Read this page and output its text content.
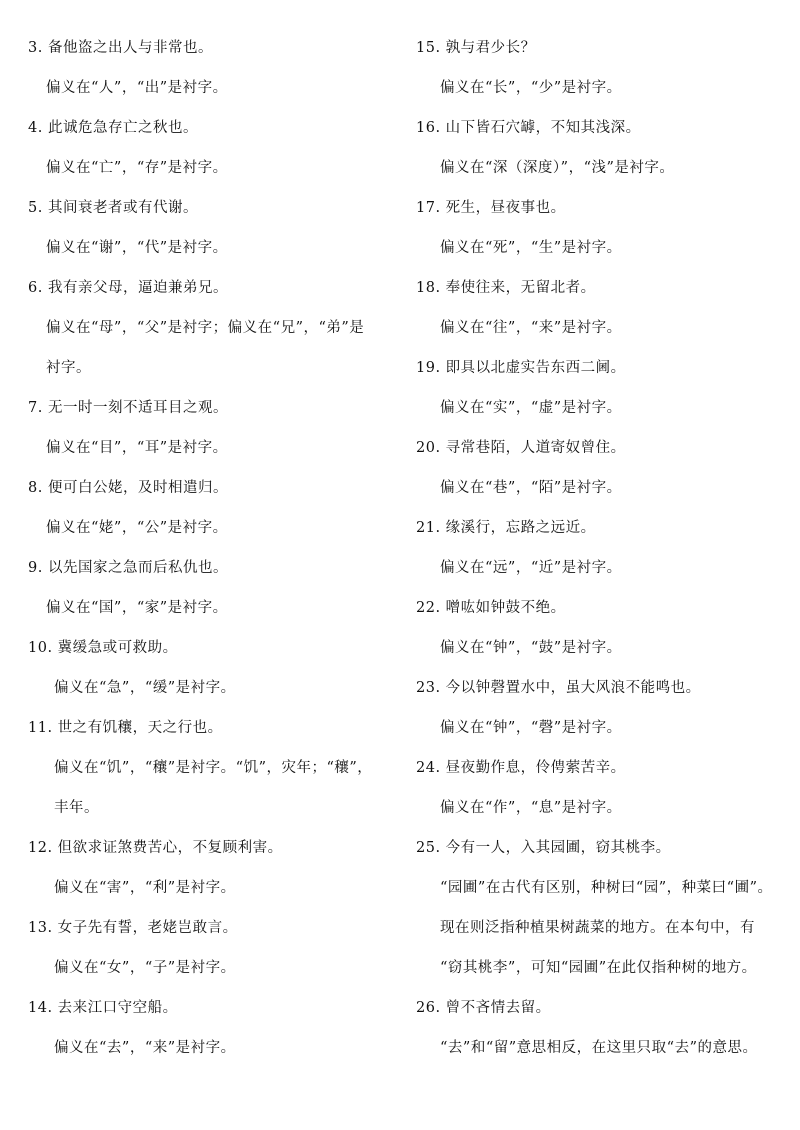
3. 备他盗之出人与非常也。
偏义在“人”，“出”是衬字。
4. 此诚危急存亡之秋也。
偏义在“亡”，“存”是衬字。
5. 其间衰老者或有代谢。
偏义在“谢”，“代”是衬字。
6. 我有亲父母，逼迫兼弟兄。
偏义在“母”，“父”是衬字；偏义在“兄”，“弟”是
衬字。
7. 无一时一刻不适耳目之观。
偏义在“目”，“耳”是衬字。
8. 便可白公姥，及时相遣归。
偏义在“姥”，“公”是衬字。
9. 以先国家之急而后私仇也。
偏义在“国”，“家”是衬字。
10. 冀缓急或可救助。
偏义在“急”，“缓”是衬字。
11. 世之有饥穰，天之行也。
偏义在“饥”，“穰”是衬字。“饥”，灾年；“穰”，
丰年。
12. 但欲求证煞费苦心，不复顾利害。
偏义在“害”，“利”是衬字。
13. 女子先有誓，老姥岂敢言。
偏义在“女”，“子”是衬字。
14. 去来江口守空船。
偏义在“去”，“来”是衬字。
15. 孰与君少长？
偏义在“长”，“少”是衬字。
16. 山下皆石穴罅，不知其浅深。
偏义在“深（深度）”，“浅”是衬字。
17. 死生，昼夜事也。
偏义在“死”，“生”是衬字。
18. 奉使往来，无留北者。
偏义在“往”，“来”是衬字。
19. 即具以北虚实告东西二阃。
偏义在“实”，“虚”是衬字。
20. 寻常巷陌，人道寄奴曾住。
偏义在“巷”，“陌”是衬字。
21. 缘溪行，忘路之远近。
偏义在“远”，“近”是衬字。
22. 噌吰如钟鼓不绝。
偏义在“钟”，“鼓”是衬字。
23. 今以钟磬置水中，虽大风浪不能鸣也。
偏义在“钟”，“磬”是衬字。
24. 昼夜勤作息，伶俜萦苦辛。
偏义在“作”，“息”是衬字。
25. 今有一人，入其园圃，窃其桃李。
“园圃”在古代有区别，种树曰“园”，种菜曰“圃”。
现在则泛指种植果树蔬菜的地方。在本句中，有
“窃其桃李”，可知“园圃”在此仅指种树的地方。
26. 曾不吝情去留。
“去”和“留”意思相反，在这里只取“去”的意思。
